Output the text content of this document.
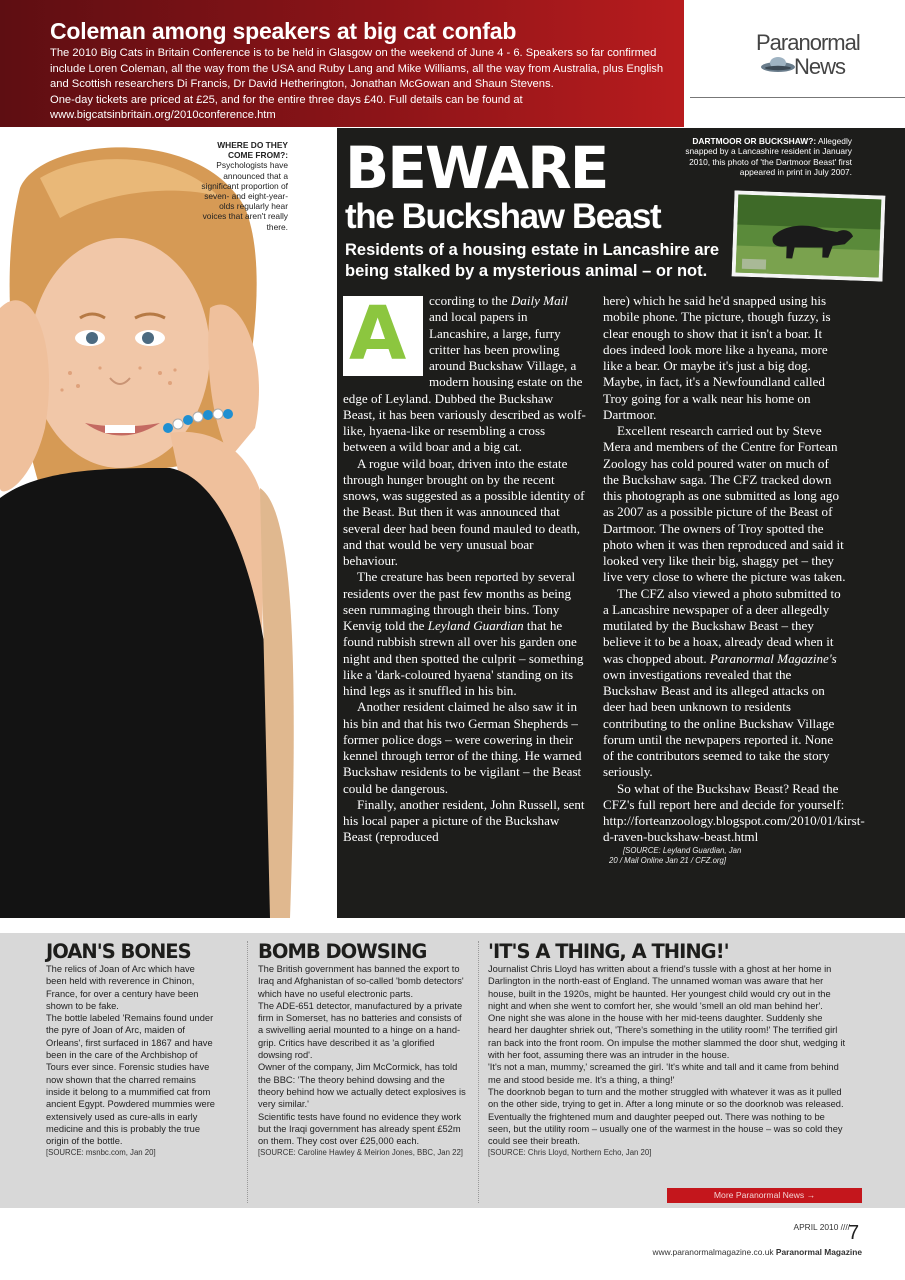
Coleman among speakers at big cat confab

The 2010 Big Cats in Britain Conference is to be held in Glasgow on the weekend of June 4 - 6. Speakers so far confirmed include Loren Coleman, all the way from the USA and Ruby Lang and Mike Williams, all the way from Australia, plus English and Scottish researchers Di Francis, Dr David Hetherington, Jonathan McGowan and Shaun Stevens.
One-day tickets are priced at £25, and for the entire three days £40. Full details can be found at www.bigcatsinbritain.org/2010conference.htm

Paranormal
News
WHERE DO THEY COME FROM?:
Psychologists have announced that a significant proportion of seven- and eight-year-olds regularly hear voices that aren't really there.
BEWARE
the Buckshaw Beast
Residents of a housing estate in Lancashire are being stalked by a mysterious animal – or not.
DARTMOOR OR BUCKSHAW?: Allegedly snapped by a Lancashire resident in January 2010, this photo of 'the Dartmoor Beast' first appeared in print in July 2007.
A	ccording to the Daily Mail and local papers in Lancashire, a large, furry critter has been prowling around Buckshaw Village, a modern housing estate on the edge of Leyland. Dubbed the Buckshaw Beast, it has been variously described as wolf-like, hyaena-like or resembling a cross between a wild boar and a big cat.

A rogue wild boar, driven into the estate through hunger brought on by the recent snows, was suggested as a possible identity of the Beast. But then it was announced that several deer had been found mauled to death, and that would be very unusual boar behaviour.

The creature has been reported by several residents over the past few months as being seen rummaging through their bins. Tony Kenvig told the Leyland Guardian that he found rubbish strewn all over his garden one night and then spotted the culprit – something like a 'dark-coloured hyaena' standing on its hind legs as it snuffled in his bin.

Another resident claimed he also saw it in his bin and that his two German Shepherds – former police dogs – were cowering in their kennel through terror of the thing. He warned Buckshaw residents to be vigilant – the Beast could be dangerous.

Finally, another resident, John Russell, sent his local paper a picture of the Buckshaw Beast (reproduced

here) which he said he'd snapped using his mobile phone. The picture, though fuzzy, is clear enough to show that it isn't a boar. It does indeed look more like a hyeana, more like a bear. Or maybe it's just a big dog. Maybe, in fact, it's a Newfoundland called Troy going for a walk near his home on Dartmoor.

Excellent research carried out by Steve Mera and members of the Centre for Fortean Zoology has cold poured water on much of the Buckshaw saga. The CFZ tracked down this photograph as one submitted as long ago as 2007 as a possible picture of the Beast of Dartmoor. The owners of Troy spotted the photo when it was then reproduced and said it looked very like their big, shaggy pet – they live very close to where the picture was taken.

The CFZ also viewed a photo submitted to a Lancashire newspaper of a deer allegedly mutilated by the Buckshaw Beast – they believe it to be a hoax, already dead when it was chopped about. Paranormal Magazine's own investigations revealed that the Buckshaw Beast and its alleged attacks on deer had been unknown to residents contributing to the online Buckshaw Village forum until the newpapers reported it. None of the contributors seemed to take the story seriously.

So what of the Buckshaw Beast? Read the CFZ's full report here and decide for yourself: http://forteanzoology.blogspot.com/2010/01/kirst-d-raven-buckshaw-beast.html[SOURCE: Leyland Guardian, Jan 20 / Mail Online Jan 21 / CFZ.org]

JOAN'S BONES
The relics of Joan of Arc which have been held with reverence in Chinon, France, for over a century have been shown to be fake.
The bottle labeled 'Remains found under the pyre of Joan of Arc, maiden of Orleans', first surfaced in 1867 and have been in the care of the Archbishop of Tours ever since. Forensic studies have now shown that the charred remains inside it belong to a mummified cat from ancient Egypt. Powdered mummies were extensively used as cure-alls in early medicine and this is probably the true origin of the bottle.
[SOURCE: msnbc.com, Jan 20]
BOMB DOWSING
The British government has banned the export to Iraq and Afghanistan of so-called 'bomb detectors' which have no useful electronic parts.
The ADE-651 detector, manufactured by a private firm in Somerset, has no batteries and consists of a swivelling aerial mounted to a hinge on a hand-grip. Critics have described it as 'a glorified dowsing rod'.
Owner of the company, Jim McCormick, has told the BBC: 'The theory behind dowsing and the theory behind how we actually detect explosives is very similar.'
Scientific tests have found no evidence they work but the Iraqi government has already spent £52m on them. They cost over £25,000 each.
[SOURCE: Caroline Hawley & Meirion Jones, BBC, Jan 22]
'IT'S A THING, A THING!'
Journalist Chris Lloyd has written about a friend's tussle with a ghost at her home in Darlington in the north-east of England. The unnamed woman was aware that her house, built in the 1920s, might be haunted. Her youngest child would cry out in the night and when she went to comfort her, she would 'smell an old man behind her'.
One night she was alone in the house with her mid-teens daughter. Suddenly she heard her daughter shriek out, 'There's something in the utility room!' The terrified girl ran back into the front room. On impulse the mother slammed the door shut, wedging it with her foot, assuming there was an intruder in the house.
'It's not a man, mummy,' screamed the girl. 'It's white and tall and it came from behind me and stood beside me. It's a thing, a thing!'
The doorknob began to turn and the mother struggled with whatever it was as it pulled on the other side, trying to get in. After a long minute or so the doorknob was released. Eventually the frightened mum and daughter peeped out. There was nothing to be seen, but the utility room – usually one of the warmest in the house – was so cold they could see their breath.
[SOURCE: Chris Lloyd, Northern Echo, Jan 20]
More Paranormal News →
APRIL 2010 ////
7
www.paranormalmagazine.co.uk Paranormal Magazine
